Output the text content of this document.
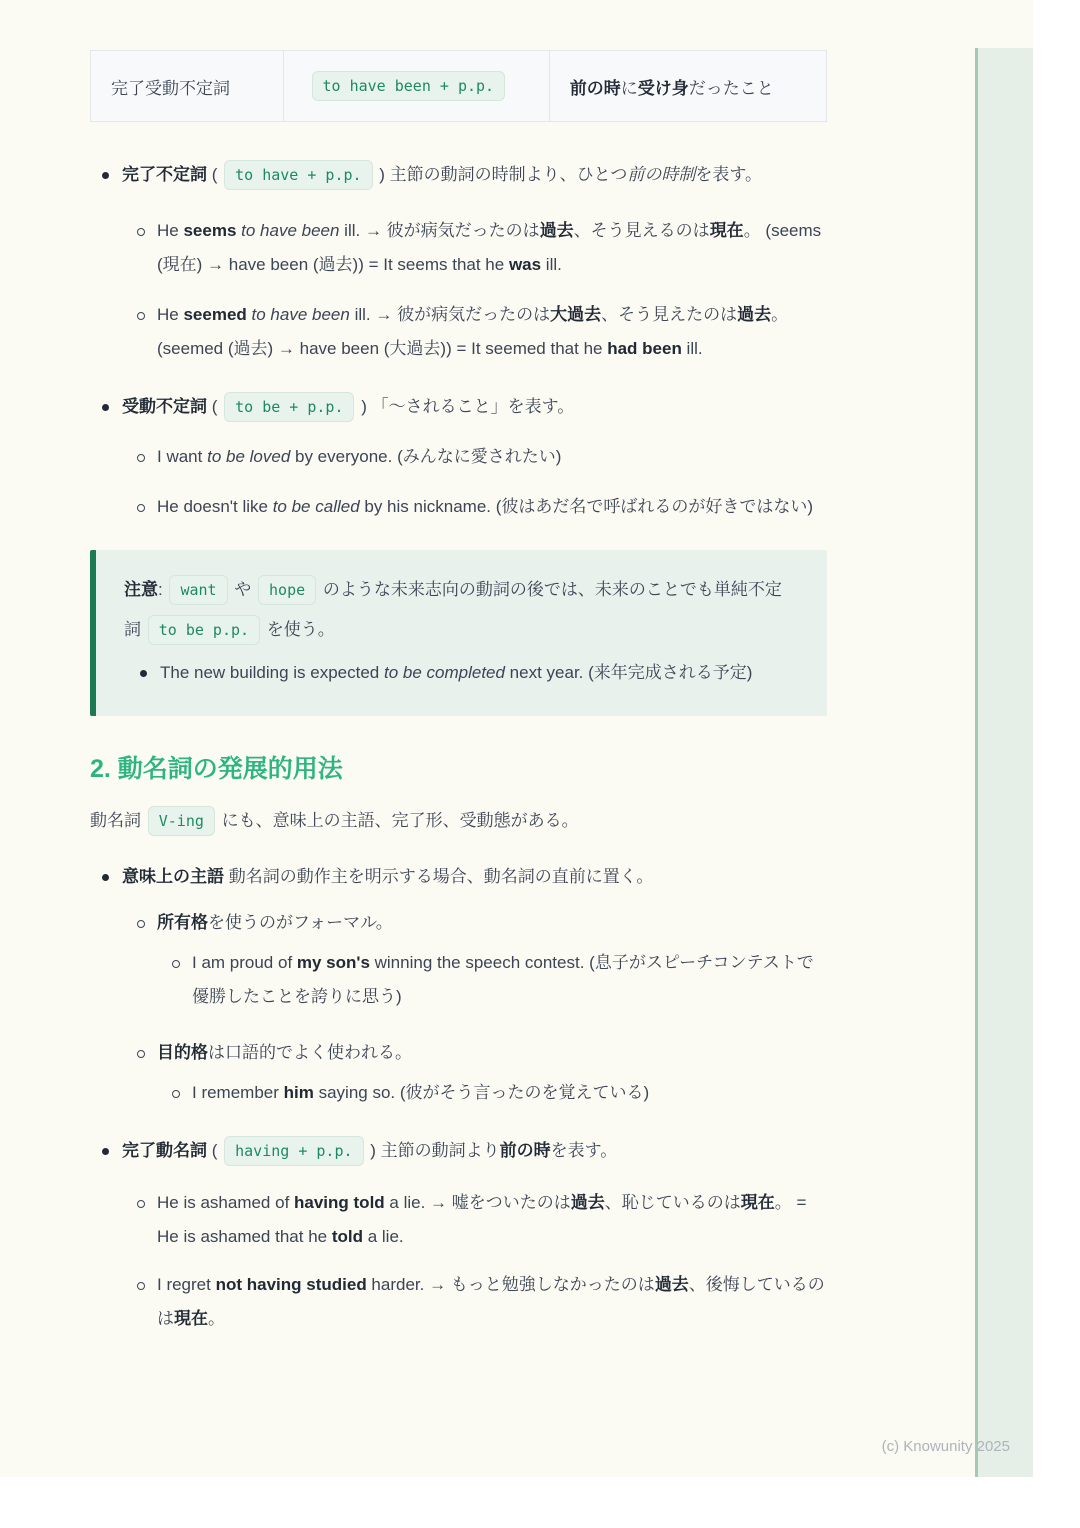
完了受動不定詞	to have been + p.p.	前の時 に 受け身 だったこと
完了不定詞 ( to have + p.p. ) 主節の動詞の時制より、ひとつ前の時制を表す。
He seems to have been ill. → 彼が病気だったのは過去、そう見えるのは現在。 (seems (現在) → have been (過去)) = It seems that he was ill.
He seemed to have been ill. → 彼が病気だったのは大過去、そう見えたのは過去。 (seemed (過去) → have been (大過去)) = It seemed that he had been ill.
受動不定詞 ( to be + p.p. ) 「〜されること」を表す。
I want to be loved by everyone. (みんなに愛されたい)
He doesn't like to be called by his nickname. (彼はあだ名で呼ばれるのが好きではない)
注意: want や hope のような未来志向の動詞の後では、未来のことでも単純不定詞 to be p.p. を使う。
The new building is expected to be completed next year. (来年完成される予定)
2. 動名詞の発展的用法
動名詞 V-ing にも、意味上の主語、完了形、受動態がある。
意味上の主語 動名詞の動作主を明示する場合、動名詞の直前に置く。
所有格を使うのがフォーマル。
I am proud of my son's winning the speech contest. (息子がスピーチコンテストで優勝したことを誇りに思う)
目的格は口語的でよく使われる。
I remember him saying so. (彼がそう言ったのを覚えている)
完了動名詞 ( having + p.p. ) 主節の動詞より前の時を表す。
He is ashamed of having told a lie. → 嘘をついたのは過去、恥じているのは現在。 = He is ashamed that he told a lie.
I regret not having studied harder. → もっと勉強しなかったのは過去、後悔しているのは現在。
(c) Knowunity 2025
